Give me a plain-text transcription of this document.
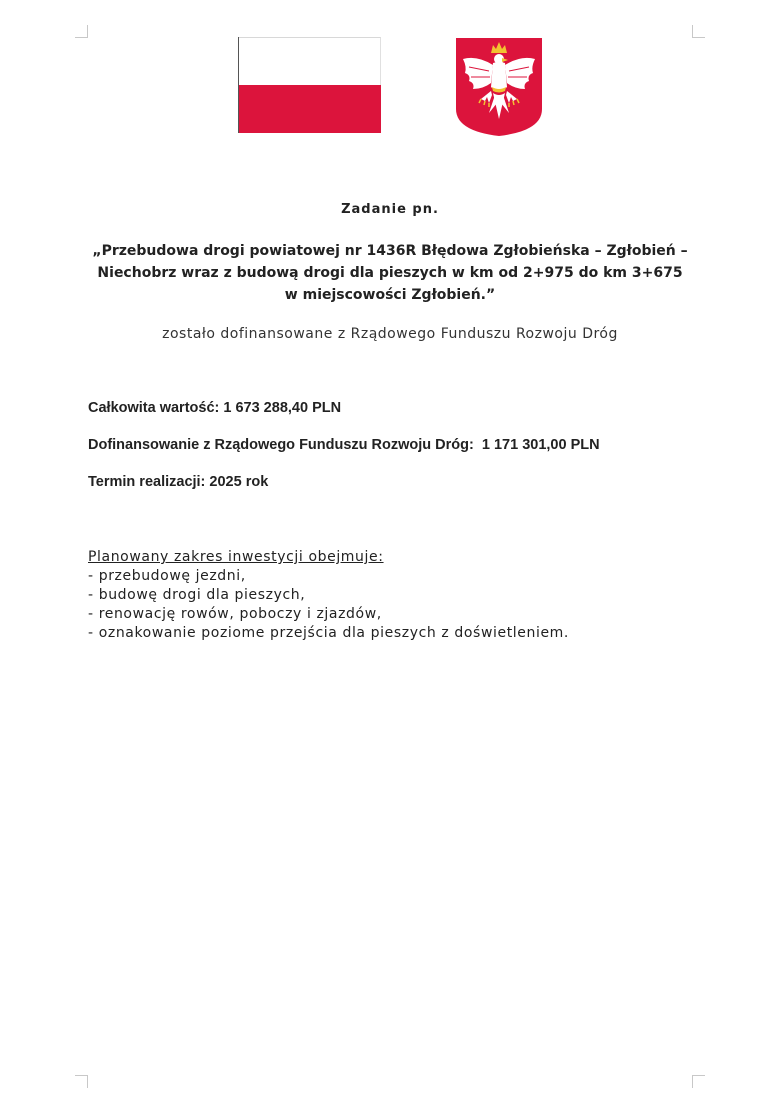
Zadanie pn.
„Przebudowa drogi powiatowej nr 1436R Błędowa Zgłobieńska – Zgłobień – Niechobrz wraz z budową drogi dla pieszych w km od 2+975 do km 3+675 w miejscowości Zgłobień.”
zostało dofinansowane z Rządowego Funduszu Rozwoju Dróg
Całkowita wartość: 1 673 288,40 PLN
Dofinansowanie z Rządowego Funduszu Rozwoju Dróg:  1 171 301,00 PLN
Termin realizacji: 2025 rok
Planowany zakres inwestycji obejmuje:
- przebudowę jezdni,
- budowę drogi dla pieszych,
- renowację rowów, poboczy i zjazdów,
- oznakowanie poziome przejścia dla pieszych z doświetleniem.
